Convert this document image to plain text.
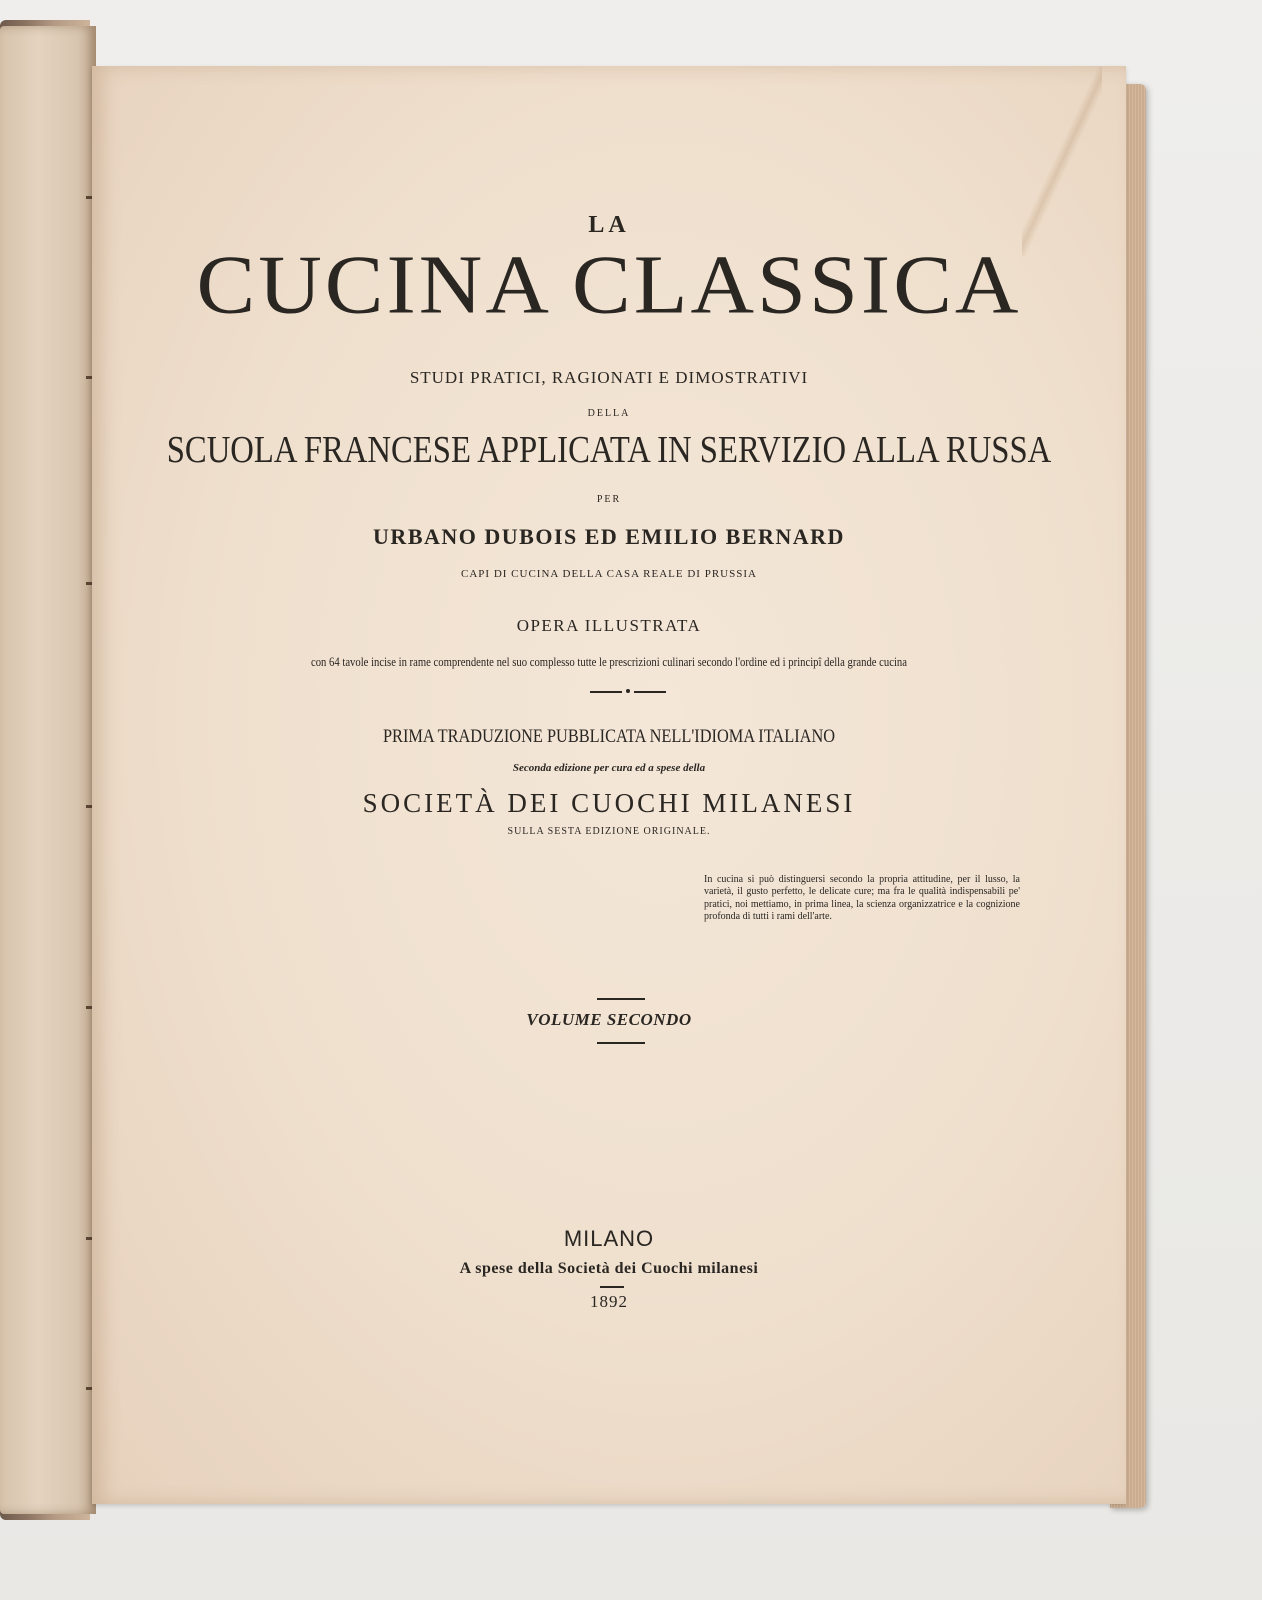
LA

CUCINA CLASSICA

STUDI PRATICI, RAGIONATI E DIMOSTRATIVI

DELLA

SCUOLA FRANCESE APPLICATA IN SERVIZIO ALLA RUSSA

PER

URBANO DUBOIS ED EMILIO BERNARD

CAPI DI CUCINA DELLA CASA REALE DI PRUSSIA

OPERA ILLUSTRATA

con 64 tavole incise in rame comprendente nel suo complesso tutte le prescrizioni culinari secondo l'ordine ed i principî della grande cucina

PRIMA TRADUZIONE PUBBLICATA NELL'IDIOMA ITALIANO

Seconda edizione per cura ed a spese della

SOCIETÀ DEI CUOCHI MILANESI

SULLA SESTA EDIZIONE ORIGINALE.

In cucina si può distinguersi secondo la propria attitudine, per il lusso, la varietà, il gusto perfetto, le delicate cure; ma fra le qualità indispensabili pe' pratici, noi mettiamo, in prima linea, la scienza organizzatrice e la cognizione profonda di tutti i rami dell'arte.

VOLUME SECONDO

MILANO

A spese della Società dei Cuochi milanesi

1892
